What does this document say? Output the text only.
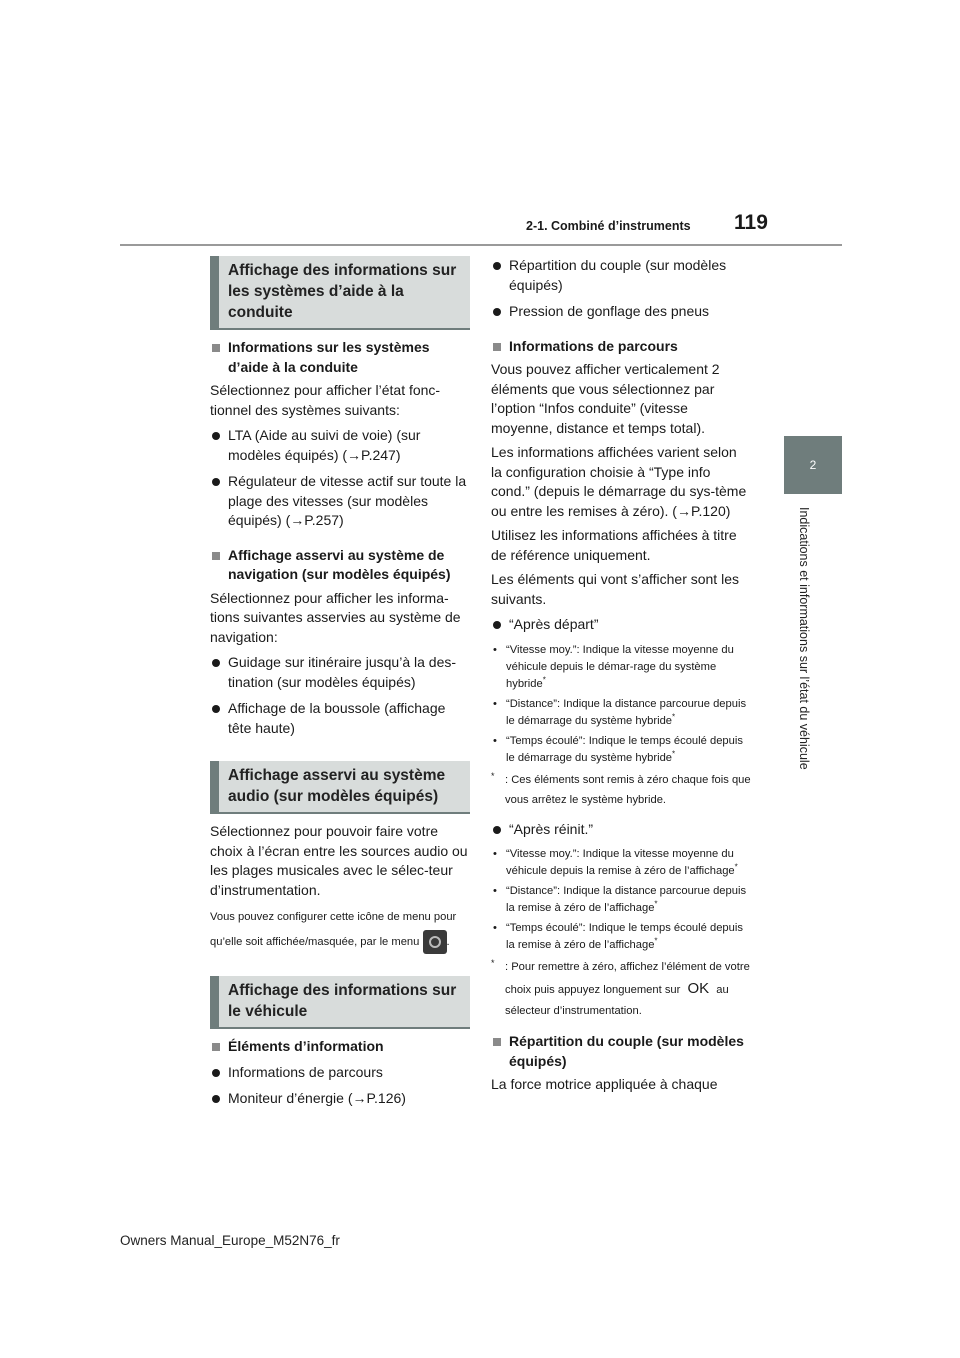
2-1. Combiné d’instruments 119
2
Indications et informations sur l’état du véhicule
Affichage des informations sur les systèmes d’aide à la conduite
Informations sur les systèmes d’aide à la conduite

Sélectionnez pour afficher l’état fonc-tionnel des systèmes suivants:

LTA (Aide au suivi de voie) (sur modèles équipés) (→P.247)
Régulateur de vitesse actif sur toute la plage des vitesses (sur modèles équipés) (→P.257)
Affichage asservi au système de navigation (sur modèles équipés)

Sélectionnez pour afficher les informa-tions suivantes asservies au système de navigation:

Guidage sur itinéraire jusqu’à la des-tination (sur modèles équipés)
Affichage de la boussole (affichage tête haute)
Affichage asservi au système audio (sur modèles équipés)

Sélectionnez pour pouvoir faire votre choix à l’écran entre les sources audio ou les plages musicales avec le sélec-teur d’instrumentation.

Vous pouvez configurer cette icône de menu pour qu’elle soit affichée/masquée, par le menu .

Affichage des informations sur le véhicule
Éléments d’information
Informations de parcours
Moniteur d’énergie (→P.126)
Répartition du couple (sur modèles équipés)
Pression de gonflage des pneus
Informations de parcours

Vous pouvez afficher verticalement 2 éléments que vous sélectionnez par l’option “Infos conduite” (vitesse moyenne, distance et temps total).

Les informations affichées varient selon la configuration choisie à “Type info cond.” (depuis le démarrage du sys-tème ou entre les remises à zéro). (→P.120)

Utilisez les informations affichées à titre de référence uniquement.

Les éléments qui vont s’afficher sont les suivants.

“Après départ”
• “Vitesse moy.”: Indique la vitesse moyenne du véhicule depuis le démar-rage du système hybride*
• “Distance”: Indique la distance parcourue depuis le démarrage du système hybride*
• “Temps écoulé”: Indique le temps écoulé depuis le démarrage du système hybride*
* : Ces éléments sont remis à zéro chaque fois que vous arrêtez le système hybride.
“Après réinit.”
• “Vitesse moy.”: Indique la vitesse moyenne du véhicule depuis la remise à zéro de l’affichage*
• “Distance”: Indique la distance parcourue depuis la remise à zéro de l’affichage*
• “Temps écoulé”: Indique le temps écoulé depuis la remise à zéro de l’affichage*
* : Pour remettre à zéro, affichez l’élément de votre choix puis appuyez longuement sur OK au sélecteur d’instrumentation.
Répartition du couple (sur modèles équipés)

La force motrice appliquée à chaque

Owners Manual_Europe_M52N76_fr
